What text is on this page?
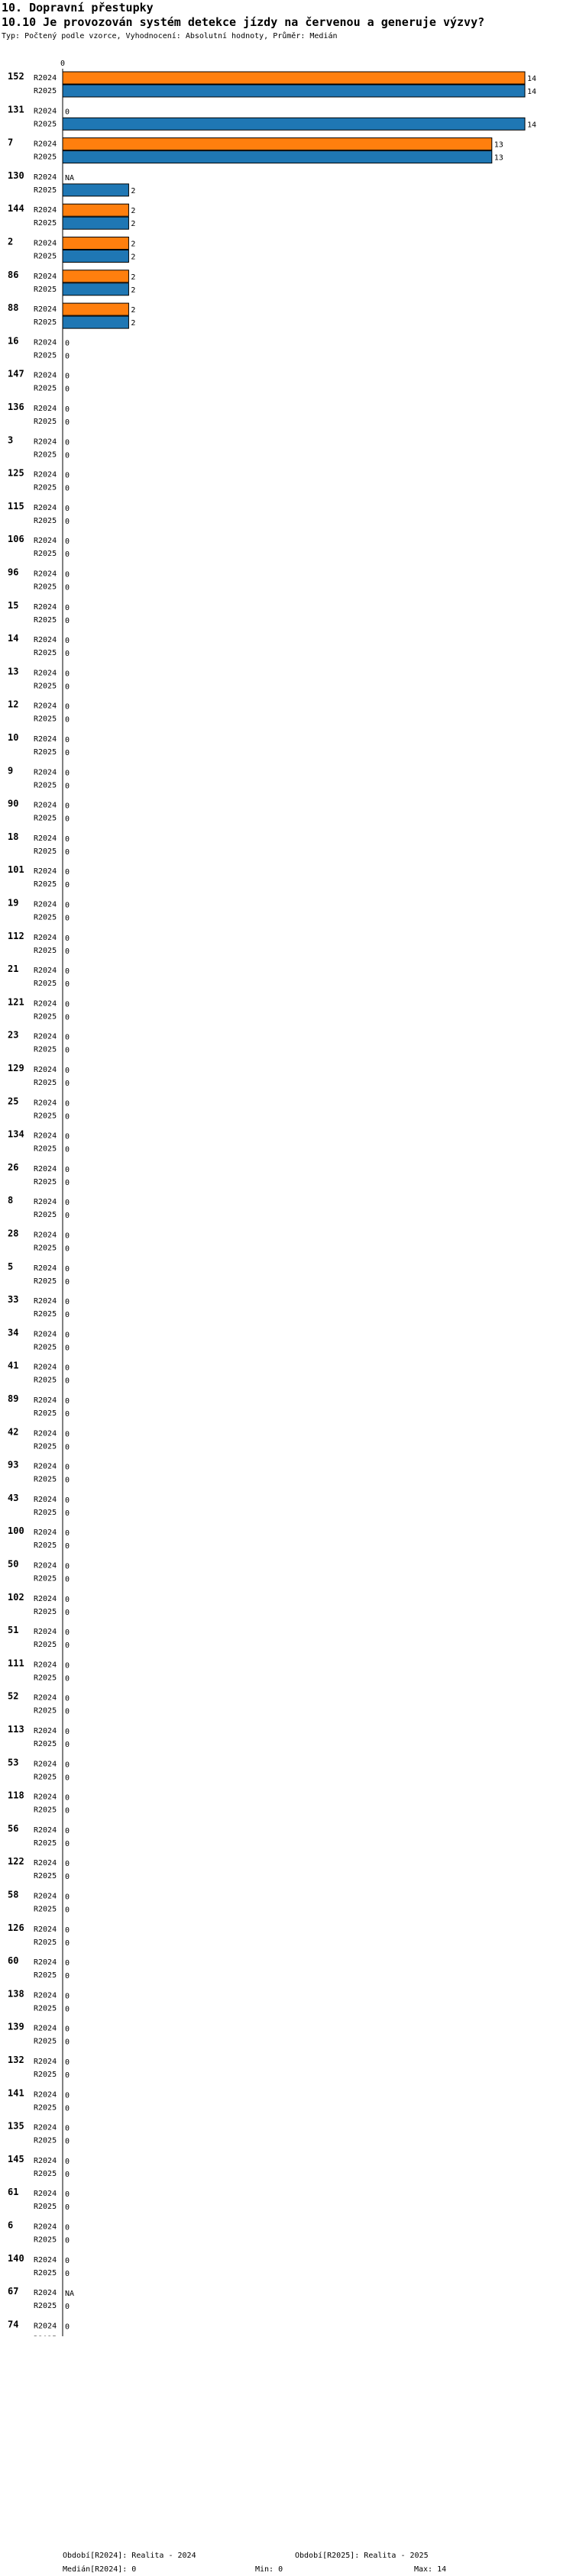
10. Dopravní přestupky
10.10 Je provozován systém detekce jízdy na červenou a generuje výzvy?
Typ: Počtený podle vzorce, Vyhodnocení: Absolutní hodnoty, Průměr: Medián
0
152 R2024	14
R2025	14
131 R2024 0
R2025	14
7	R2024	13
R2025	13
130 R2024 NA
R2025	2
144 R2024	2
R2025	2
2	R2024	2
R2025	2
86 R2024	2
R2025	2
88 R2024	2
R2025	2
16 R2024 0
R2025 0
147 R2024 0
R2025 0
136 R2024 0
R2025 0
3	R2024 0
R2025 0
125 R2024 0
R2025 0
115 R2024 0
R2025 0
106 R2024 0
R2025 0
96 R2024 0
R2025 0
15 R2024 0
R2025 0
14 R2024 0
R2025 0
13 R2024 0
R2025 0
12 R2024 0
R2025 0
10 R2024 0
R2025 0
9	R2024 0
R2025 0
90 R2024 0
R2025 0
18 R2024 0
R2025 0
101 R2024 0
R2025 0
19 R2024 0
R2025 0
112 R2024 0
R2025 0
21 R2024 0
R2025 0
121 R2024 0
R2025 0
23 R2024 0
R2025 0
129 R2024 0
R2025 0
25 R2024 0
R2025 0
134 R2024 0
R2025 0
26 R2024 0
R2025 0
8	R2024 0
R2025 0
28 R2024 0
R2025 0
5	R2024 0
R2025 0
33 R2024 0
R2025 0
34 R2024 0
R2025 0
41 R2024 0
R2025 0
89 R2024 0
R2025 0
42 R2024 0
R2025 0
93 R2024 0
R2025 0
43 R2024 0
R2025 0
100 R2024 0
R2025 0
50 R2024 0
R2025 0
102 R2024 0
R2025 0
51 R2024 0
R2025 0
111 R2024 0
R2025 0
52 R2024 0
R2025 0
113 R2024 0
R2025 0
53 R2024 0
R2025 0
118 R2024 0
R2025 0
56 R2024 0
R2025 0
122 R2024 0
R2025 0
58 R2024 0
R2025 0
126 R2024 0
R2025 0
60 R2024 0
R2025 0
138 R2024 0
R2025 0
139 R2024 0
R2025 0
132 R2024 0
R2025 0
141 R2024 0
R2025 0
135 R2024 0
R2025 0
145 R2024 0
R2025 0
61 R2024 0
R2025 0
6	R2024 0
R2025 0
140 R2024 0
R2025 0
67 R2024 NA
R2025 0
74 R2024 0
Období[R2024]: Realita - 2024	Období[R2025]: Realita - 2025
Medián[R2024]: 0	Min: 0	Max: 14
